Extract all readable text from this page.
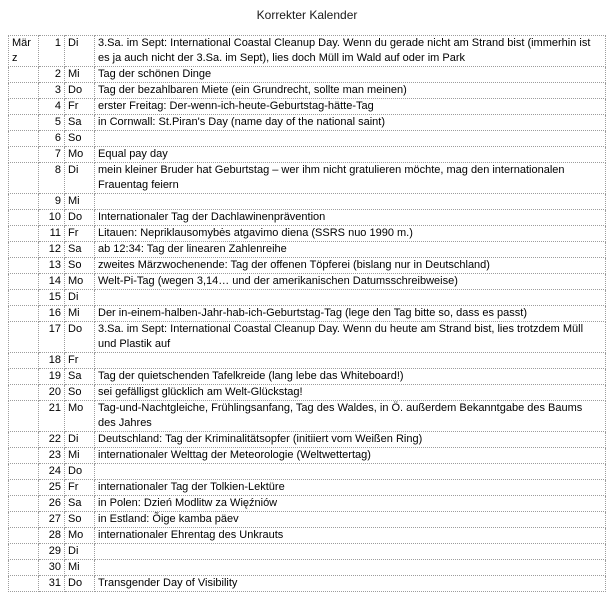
Korrekter Kalender
März	1	Di	3.Sa. im Sept: International Coastal Cleanup Day. Wenn du gerade nicht am Strand bist (immerhin ist es ja auch nicht der 3.Sa. im Sept), lies doch Müll im Wald auf oder im Park
	2	Mi	Tag der schönen Dinge
	3	Do	Tag der bezahlbaren Miete (ein Grundrecht, sollte man meinen)
	4	Fr	erster Freitag: Der-wenn-ich-heute-Geburtstag-hätte-Tag
	5	Sa	in Cornwall: St.Piran's Day (name day of the national saint)
	6	So	
	7	Mo	Equal pay day
	8	Di	mein kleiner Bruder hat Geburtstag – wer ihm nicht gratulieren möchte, mag den internationalen Frauentag feiern
	9	Mi	
	10	Do	Internationaler Tag der Dachlawinenprävention
	11	Fr	Litauen: Nepriklausomybės atgavimo diena (SSRS nuo 1990 m.)
	12	Sa	ab 12:34: Tag der linearen Zahlenreihe
	13	So	zweites Märzwochenende: Tag der offenen Töpferei (bislang nur in Deutschland)
	14	Mo	Welt-Pi-Tag (wegen 3,14… und der amerikanischen Datumsschreibweise)
	15	Di	
	16	Mi	Der in-einem-halben-Jahr-hab-ich-Geburtstag-Tag (lege den Tag bitte so, dass es passt)
	17	Do	3.Sa. im Sept: International Coastal Cleanup Day. Wenn du heute am Strand bist, lies trotzdem Müll und Plastik auf
	18	Fr	
	19	Sa	Tag der quietschenden Tafelkreide (lang lebe das Whiteboard!)
	20	So	sei gefälligst glücklich am Welt-Glückstag!
	21	Mo	Tag-und-Nachtgleiche, Frühlingsanfang, Tag des Waldes, in Ö. außerdem Bekanntgabe des Baums des Jahres
	22	Di	Deutschland: Tag der Kriminalitätsopfer (initiiert vom Weißen Ring)
	23	Mi	internationaler Welttag der Meteorologie (Weltwettertag)
	24	Do	
	25	Fr	internationaler Tag der Tolkien-Lektüre
	26	Sa	in Polen: Dzień Modlitw za Więźniów
	27	So	in Estland: Õige kamba päev
	28	Mo	internationaler Ehrentag des Unkrauts
	29	Di	
	30	Mi	
	31	Do	Transgender Day of Visibility
